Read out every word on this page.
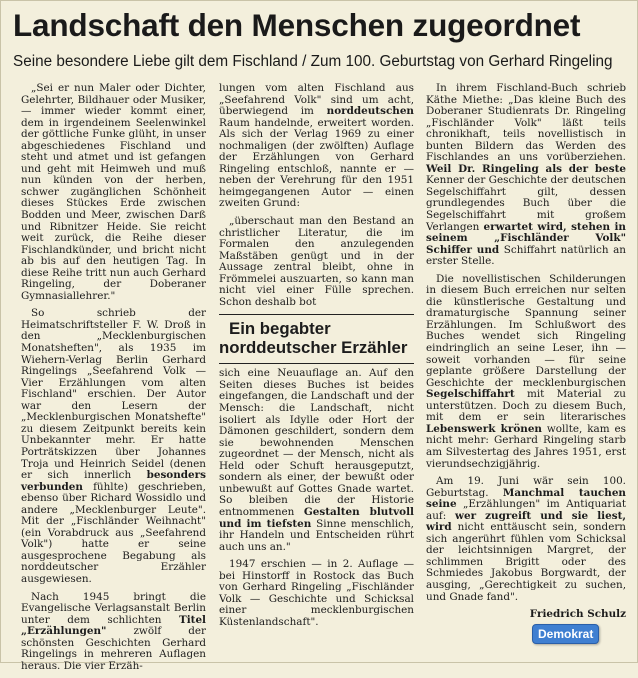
Landschaft den Menschen zugeordnet
Seine besondere Liebe gilt dem Fischland / Zum 100. Geburtstag von Gerhard Ringeling

„Sei er nun Maler oder Dichter, Gelehrter, Bildhauer oder Musiker, — immer wieder kommt einer, dem in irgendeinem Seelenwinkel der göttliche Funke glüht, in unser abgeschiedenes Fischland und steht und atmet und ist gefangen und geht mit Heimweh und muß nun künden von der herben, schwer zugänglichen Schönheit dieses Stückes Erde zwischen Bodden und Meer, zwischen Darß und Ribnitzer Heide. Sie reicht weit zurück, die Reihe dieser Fischlandkünder, und bricht nicht ab bis auf den heutigen Tag. In diese Reihe tritt nun auch Gerhard Ringeling, der Doberaner Gymnasiallehrer."

So schrieb der Heimatschriftsteller F. W. Droß in den „Mecklenburgischen Monatsheften", als 1935 im Wiehern-Verlag Berlin Gerhard Ringelings „Seefahrend Volk — Vier Erzählungen vom alten Fischland" erschien. Der Autor war den Lesern der „Mecklenburgischen Monatshefte" zu diesem Zeitpunkt bereits kein Unbekannter mehr. Er hatte Porträtskizzen über Johannes Troja und Heinrich Seidel (denen er sich innerlich besonders verbunden fühlte) geschrieben, ebenso über Richard Wossidlo und andere „Mecklenburger Leute". Mit der „Fischländer Weihnacht" (ein Vorabdruck aus „Seefahrend Volk") hatte er seine ausgesprochene Begabung als norddeutscher Erzähler ausgewiesen.

Nach 1945 bringt die Evangelische Verlagsanstalt Berlin unter dem schlichten Titel „Erzählungen"	zwölf der schönsten Geschichten Gerhard Ringelings in mehreren Auflagen heraus. Die vier Erzäh-

lungen vom alten Fischland aus „Seefahrend Volk" sind um acht, überwiegend im norddeutschen Raum handelnde, erweitert worden. Als sich der Verlag 1969 zu einer nochmaligen (der zwölften) Auflage der Erzählungen von Gerhard Ringeling entschloß, nannte er — neben der Verehrung für den 1951 heimgegangenen Autor — einen zweiten Grund:

„überschaut man den Bestand an christlicher Literatur, die im Formalen den anzulegenden Maßstäben genügt und in der Aussage zentral bleibt, ohne in Frömmelei auszuarten, so kann man nicht viel einer Fülle sprechen. Schon deshalb bot

Ein begabter norddeutscher Erzähler

sich eine Neuauflage an. Auf den Seiten dieses Buches ist beides eingefangen, die Landschaft und der Mensch: die Landschaft, nicht isoliert als Idylle oder Hort der Dämonen geschildert, sondern dem sie bewohnenden Menschen zugeordnet — der Mensch, nicht als Held oder Schuft herausgeputzt, sondern als einer, der bewußt oder unbewußt auf Gottes Gnade wartet. So bleiben die der Historie entnommenen Gestalten blutvoll und im tiefsten Sinne menschlich, ihr Handeln und Entscheiden rührt auch uns an."

1947 erschien — in 2. Auflage — bei Hinstorff in Rostock das Buch von Gerhard Ringeling „Fischländer Volk — Geschichte und Schicksal einer mecklenburgischen Küstenlandschaft".

In ihrem Fischland-Buch schrieb Käthe Miethe: „Das kleine Buch des Doberaner Studienrats Dr. Ringeling „Fischländer Volk" läßt teils chronikhaft, teils novellistisch in bunten Bildern das Werden des Fischlandes an uns vorüberziehen. Weil Dr. Ringeling als der beste Kenner der Geschichte der deutschen Segelschiffahrt gilt, dessen grundlegendes Buch über die Segelschiffahrt mit großem Verlangen erwartet wird, stehen in seinem „Fischländer Volk" Schiffer und Schiffahrt natürlich an erster Stelle.

Die novellistischen Schilderungen in diesem Buch erreichen nur selten die künstlerische Gestaltung und dramaturgische Spannung seiner Erzählungen. Im Schlußwort des Buches wendet sich Ringeling eindringlich an seine Leser, ihn — soweit vorhanden — für seine geplante größere Darstellung der Geschichte der mecklenburgischen Segelschiffahrt mit Material zu unterstützen. Doch zu diesem Buch, mit dem er sein literarisches Lebenswerk krönen wollte, kam es nicht mehr: Gerhard Ringeling starb am Silvestertag des Jahres 1951, erst vierundsechzigjährig.

Am 19. Juni wär sein 100. Geburtstag. Manchmal tauchen seine „Erzählungen" im Antiquariat auf: wer zugreift und sie liest, wird nicht enttäuscht sein, sondern sich angerührt fühlen vom Schicksal der leichtsinnigen Margret, der schlimmen Brigitt oder des Schmiedes Jakobus Borgwardt, der ausging, „Gerechtigkeit zu suchen, und Gnade fand".

Friedrich Schulz

Demokrat
